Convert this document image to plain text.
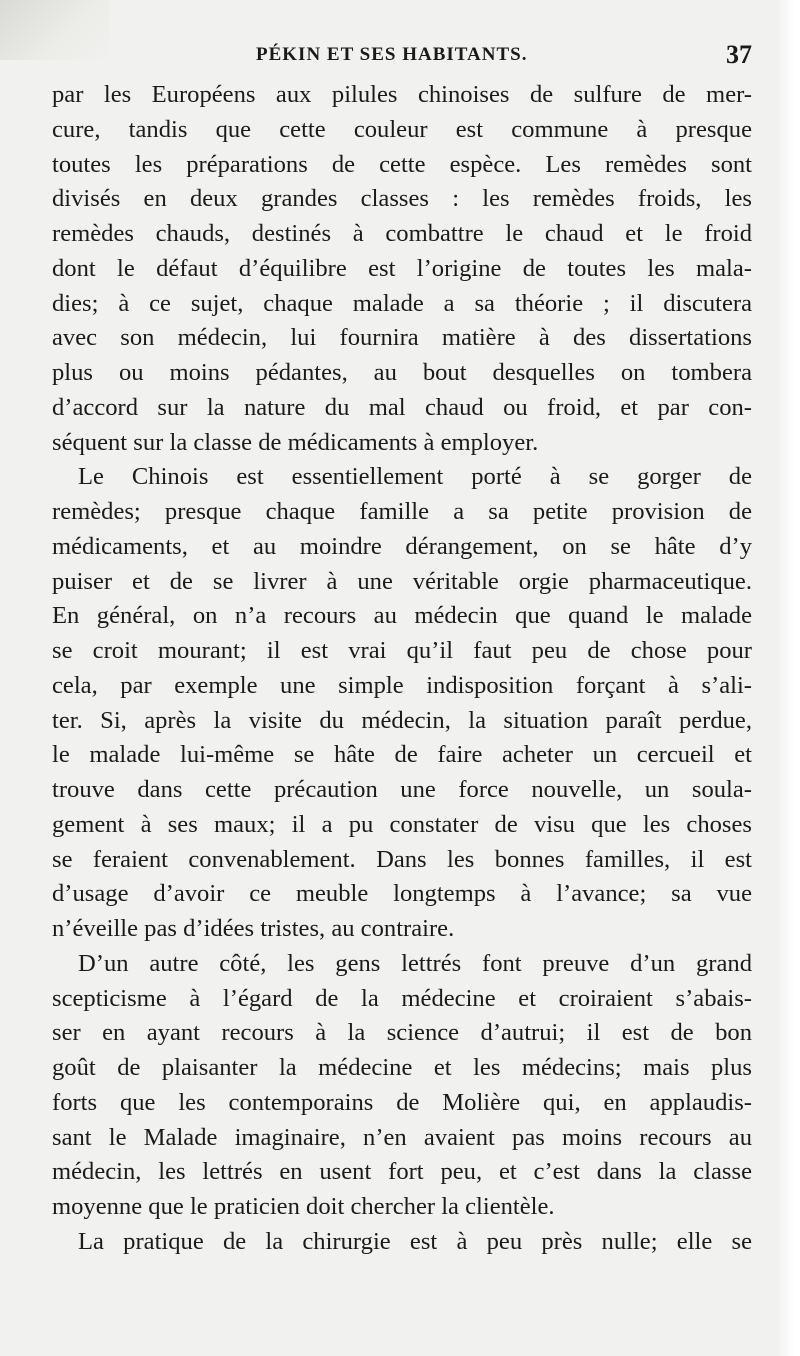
PÉKIN ET SES HABITANTS.	37
par les Européens aux pilules chinoises de sulfure de mer-
cure, tandis que cette couleur est commune à presque
toutes les préparations de cette espèce. Les remèdes sont
divisés en deux grandes classes : les remèdes froids, les
remèdes chauds, destinés à combattre le chaud et le froid
dont le défaut d’équilibre est l’origine de toutes les mala-
dies; à ce sujet, chaque malade a sa théorie ; il discutera
avec son médecin, lui fournira matière à des dissertations
plus ou moins pédantes, au bout desquelles on tombera
d’accord sur la nature du mal chaud ou froid, et par con-
séquent sur la classe de médicaments à employer.
Le Chinois est essentiellement porté à se gorger de
remèdes; presque chaque famille a sa petite provision de
médicaments, et au moindre dérangement, on se hâte d’y
puiser et de se livrer à une véritable orgie pharmaceutique.
En général, on n’a recours au médecin que quand le malade
se croit mourant; il est vrai qu’il faut peu de chose pour
cela, par exemple une simple indisposition forçant à s’ali-
ter. Si, après la visite du médecin, la situation paraît perdue,
le malade lui-même se hâte de faire acheter un cercueil et
trouve dans cette précaution une force nouvelle, un soula-
gement à ses maux; il a pu constater de visu que les choses
se feraient convenablement. Dans les bonnes familles, il est
d’usage d’avoir ce meuble longtemps à l’avance; sa vue
n’éveille pas d’idées tristes, au contraire.
D’un autre côté, les gens lettrés font preuve d’un grand
scepticisme à l’égard de la médecine et croiraient s’abais-
ser en ayant recours à la science d’autrui; il est de bon
goût de plaisanter la médecine et les médecins; mais plus
forts que les contemporains de Molière qui, en applaudis-
sant le Malade imaginaire, n’en avaient pas moins recours au
médecin, les lettrés en usent fort peu, et c’est dans la classe
moyenne que le praticien doit chercher la clientèle.
La pratique de la chirurgie est à peu près nulle; elle se
